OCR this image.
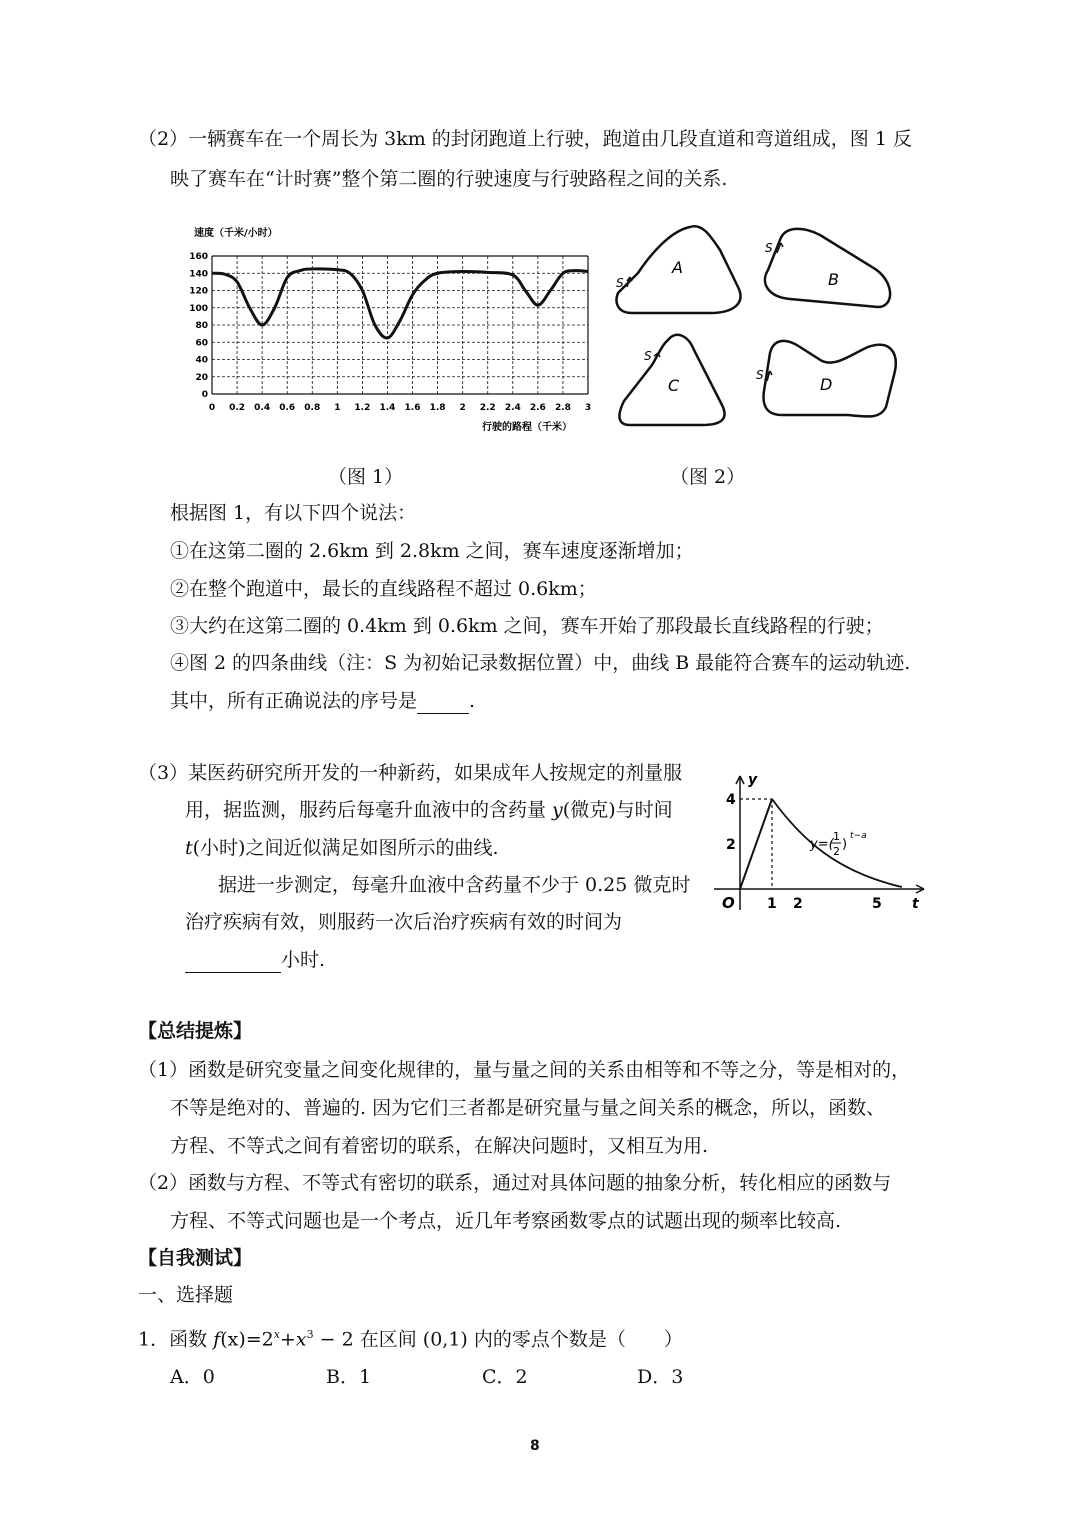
（2）一辆赛车在一个周长为 3km 的封闭跑道上行驶，跑道由几段直道和弯道组成，图 1 反
映了赛车在“计时赛”整个第二圈的行驶速度与行驶路程之间的关系.
速度（千米/小时）
行驶的路程（千米）
0 0.2 0.4 0.6 0.8 1 1.2 1.4 1.6 1.8 2 2.2 2.4 2.6 2.8 3
0
20
40
60
80
100
120
140
160
A
S	B
S
C
S
D
S
（图 1）	（图 2）
根据图 1，有以下四个说法：
①在这第二圈的 2.6km 到 2.8km 之间，赛车速度逐渐增加；
②在整个跑道中，最长的直线路程不超过 0.6km；
③大约在这第二圈的 0.4km 到 0.6km 之间，赛车开始了那段最长直线路程的行驶；
④图 2 的四条曲线（注：S 为初始记录数据位置）中，曲线 B 最能符合赛车的运动轨迹.
其中，所有正确说法的序号是	.
（3）某医药研究所开发的一种新药，如果成年人按规定的剂量服
用，据监测，服药后每毫升血液中的含药量 y(微克)与时间
t(小时)之间近似满足如图所示的曲线.
据进一步测定，每毫升血液中含药量不少于 0.25 微克时
治疗疾病有效，则服药一次后治疗疾病有效的时间为
小时.
y
t
O
4
2
1 2	5
y=(
1
2 )
t−a
【总结提炼】
（1）函数是研究变量之间变化规律的，量与量之间的关系由相等和不等之分，等是相对的，
不等是绝对的、普遍的. 因为它们三者都是研究量与量之间关系的概念，所以，函数、
方程、不等式之间有着密切的联系，在解决问题时，又相互为用.
（2）函数与方程、不等式有密切的联系，通过对具体问题的抽象分析，转化相应的函数与
方程、不等式问题也是一个考点，近几年考察函数零点的试题出现的频率比较高.
【自我测试】
一、选择题
1．函数 $f(x)=2^x+x^3 - 2$ 在区间 (0,1) 内的零点个数是（　　）
A．0	B．1	C．2	D．3
8
